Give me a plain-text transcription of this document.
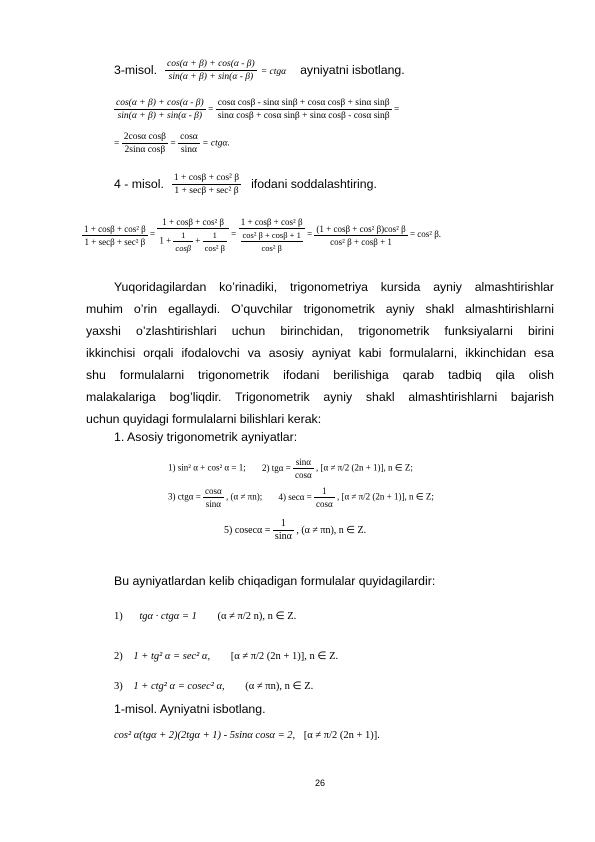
3-misol. $\frac{\cos(\alpha + \beta) + \cos(\alpha - \beta)}{\sin(\alpha + \beta) + \sin(\alpha - \beta)} = ctg\alpha$ ayniyatni isbotlang.
$\frac{\cos(\alpha + \beta) + \cos(\alpha - \beta)}{\sin(\alpha + \beta) + \sin(\alpha - \beta)} = \frac{\text{cosα cosβ - sinα sinβ + cosα cosβ + sinα sinβ}}{\text{sinα cosβ + cosα sinβ + sinα cosβ - cosα sinβ}}$ =
= $\frac{\text{2cosα cosβ}}{\text{2sinα cosβ}} = \frac{\cos\alpha}{\sin\alpha} = ctg\alpha$.
4 - misol. $\frac{\text{1 + cosβ + cos² β}}{\text{1 + secβ + sec² β}}$ ifodani soddalashtiring.
$\frac{\text{1 + cosβ + cos² β}}{\text{1 + secβ + sec² β}} = \frac{\text{1 + cosβ + cos² β}}{1 + \frac{1}{\cos\beta} + \frac{1}{\text{cos² β}}} = \frac{\text{1 + cosβ + cos² β}}{\frac{\text{cos² β + cosβ + 1}}{\text{cos² β}}} = \frac{\text{(1 + cosβ + cos² β)cos² β}}{\text{cos² β + cosβ + 1}} = \cos^2$ β.
Yuqoridagilardan ko’rinadiki, trigonometriya kursida ayniy almashtirishlar
muhim o’rin egallaydi. O’quvchilar trigonometrik ayniy shakl almashtirishlarni
yaxshi o’zlashtirishlari uchun birinchidan, trigonometrik funksiyalarni birini
ikkinchisi orqali ifodalovchi va asosiy ayniyat kabi formulalarni, ikkinchidan esa
shu formulalarni trigonometrik ifodani berilishiga qarab tadbiq qila olish
malakalariga bog’liqdir. Trigonometrik ayniy shakl almashtirishlarni bajarish
uchun quyidagi formulalarni bilishlari kerak:
1. Asosiy trigonometrik ayniyatlar:
1) sin² α + cos² α = 1; 2) $tg\alpha = \frac{\sin\alpha}{\cos\alpha}$ , [α ≠ π/2 (2n + 1)], n ∈ Z;
3) $ctg\alpha = \frac{\cos\alpha}{\sin\alpha}$ , (α ≠ πn); 4) $\sec\alpha = \frac{1}{\cos\alpha}$ , [α ≠ π/2 (2n + 1)], n ∈ Z;
5) $cosec\alpha = \frac{1}{\sin\alpha}$ , (α ≠ πn), n ∈ Z.
Bu ayniyatlardan kelib chiqadigan formulalar quyidagilardir:
1) tgα · ctgα = 1 (α ≠ π/2 n), n ∈ Z.
2) 1 + tg² α = sec² α, [α ≠ π/2 (2n + 1)], n ∈ Z.
3) 1 + ctg² α = cosec² α, (α ≠ πn), n ∈ Z.
1-misol. Ayniyatni isbotlang.
cos² α(tgα + 2)(2tgα + 1) - 5sinα cosα = 2, [α ≠ π/2 (2n + 1)].
26
